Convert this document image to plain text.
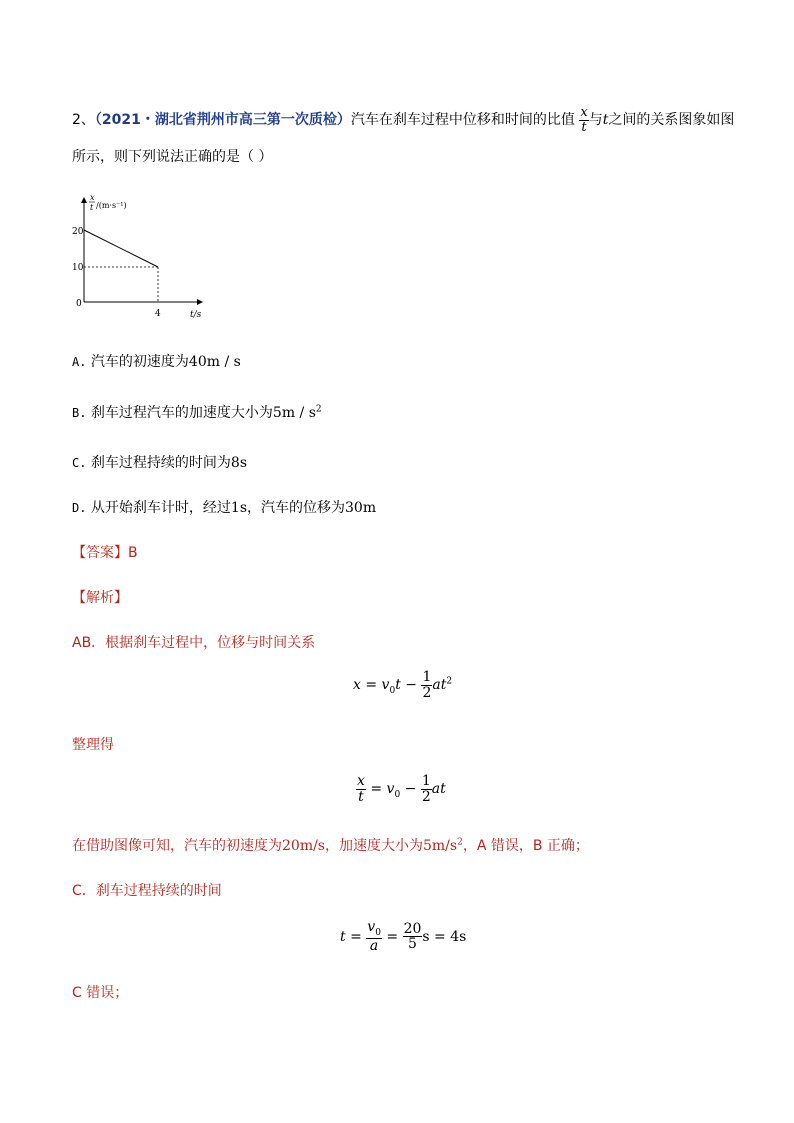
2、（2021・湖北省荆州市高三第一次质检）汽车在刹车过程中位移和时间的比值 $\frac{x}{t}$ 与t之间的关系图象如图
所示，则下列说法正确的是（ ）
x
t /(m·s⁻¹)
20
10
0
4	t/s
A. 汽车的初速度为40m / s
B. 刹车过程汽车的加速度大小为$5m / s^2$
C. 刹车过程持续的时间为8s
D. 从开始刹车计时，经过1s，汽车的位移为30m
【答案】B
【解析】
AB．根据刹车过程中，位移与时间关系
$x = v_0t - \frac{1}{2} at^2$
整理得
$\frac{x}{t} = v_0 - \frac{1}{2}$ at
在借助图像可知，汽车的初速度为20m/s，加速度大小为$5m/s^2$，A 错误，B 正确；
C．刹车过程持续的时间
$t = \frac{v_0}{a} = \frac{20}{5}$ s = 4s
C 错误；
